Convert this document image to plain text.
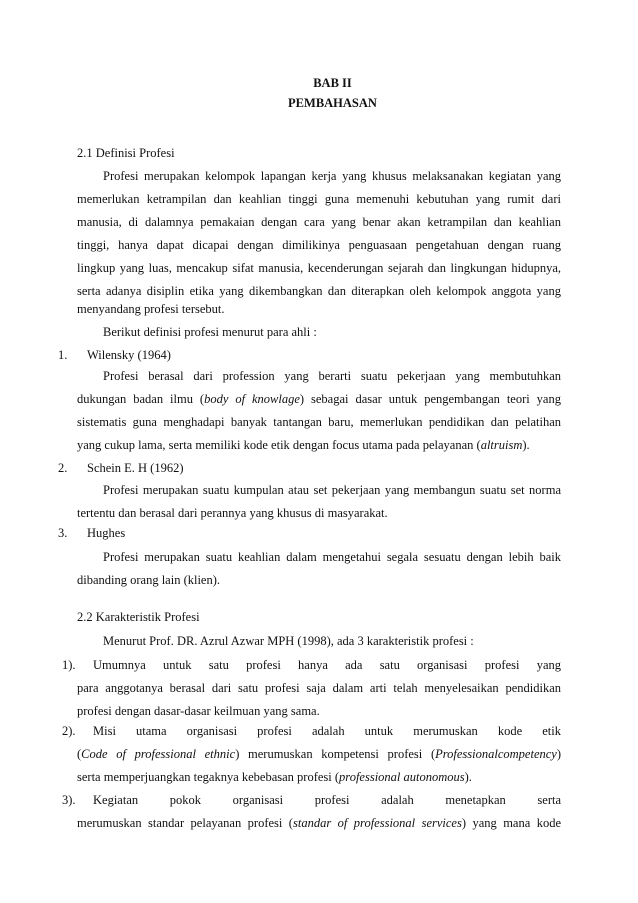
BAB II
PEMBAHASAN
2.1 Definisi Profesi
Profesi merupakan kelompok lapangan kerja yang khusus melaksanakan kegiatan yang
memerlukan ketrampilan dan keahlian tinggi guna memenuhi kebutuhan yang rumit dari
manusia, di dalamnya pemakaian dengan cara yang benar akan ketrampilan dan keahlian
tinggi, hanya dapat dicapai dengan dimilikinya penguasaan pengetahuan dengan ruang
lingkup yang luas, mencakup sifat manusia, kecenderungan sejarah dan lingkungan hidupnya,
serta adanya disiplin etika yang dikembangkan dan diterapkan oleh kelompok anggota yang
menyandang profesi tersebut.
Berikut definisi profesi menurut para ahli :
1. Wilensky (1964)
Profesi berasal dari profession yang berarti suatu pekerjaan yang membutuhkan
dukungan badan ilmu (body of knowlage) sebagai dasar untuk pengembangan teori yang
sistematis guna menghadapi banyak tantangan baru, memerlukan pendidikan dan pelatihan
yang cukup lama, serta memiliki kode etik dengan focus utama pada pelayanan (altruism).
2. Schein E. H (1962)
Profesi merupakan suatu kumpulan atau set pekerjaan yang membangun suatu set norma
tertentu dan berasal dari perannya yang khusus di masyarakat.
3. Hughes
Profesi merupakan suatu keahlian dalam mengetahui segala sesuatu dengan lebih baik
dibanding orang lain (klien).
2.2 Karakteristik Profesi
Menurut Prof. DR. Azrul Azwar MPH (1998), ada 3 karakteristik profesi :
1). Umumnya untuk satu profesi hanya ada satu organisasi profesi yang
para anggotanya berasal dari satu profesi saja dalam arti telah menyelesaikan pendidikan
profesi dengan dasar-dasar keilmuan yang sama.
2). Misi utama organisasi profesi adalah untuk merumuskan kode etik
(Code of professional ethnic) merumuskan kompetensi profesi (Professionalcompetency)
serta memperjuangkan tegaknya kebebasan profesi (professional autonomous).
3). Kegiatan pokok organisasi profesi adalah menetapkan serta
merumuskan standar pelayanan profesi (standar of professional services) yang mana kode
